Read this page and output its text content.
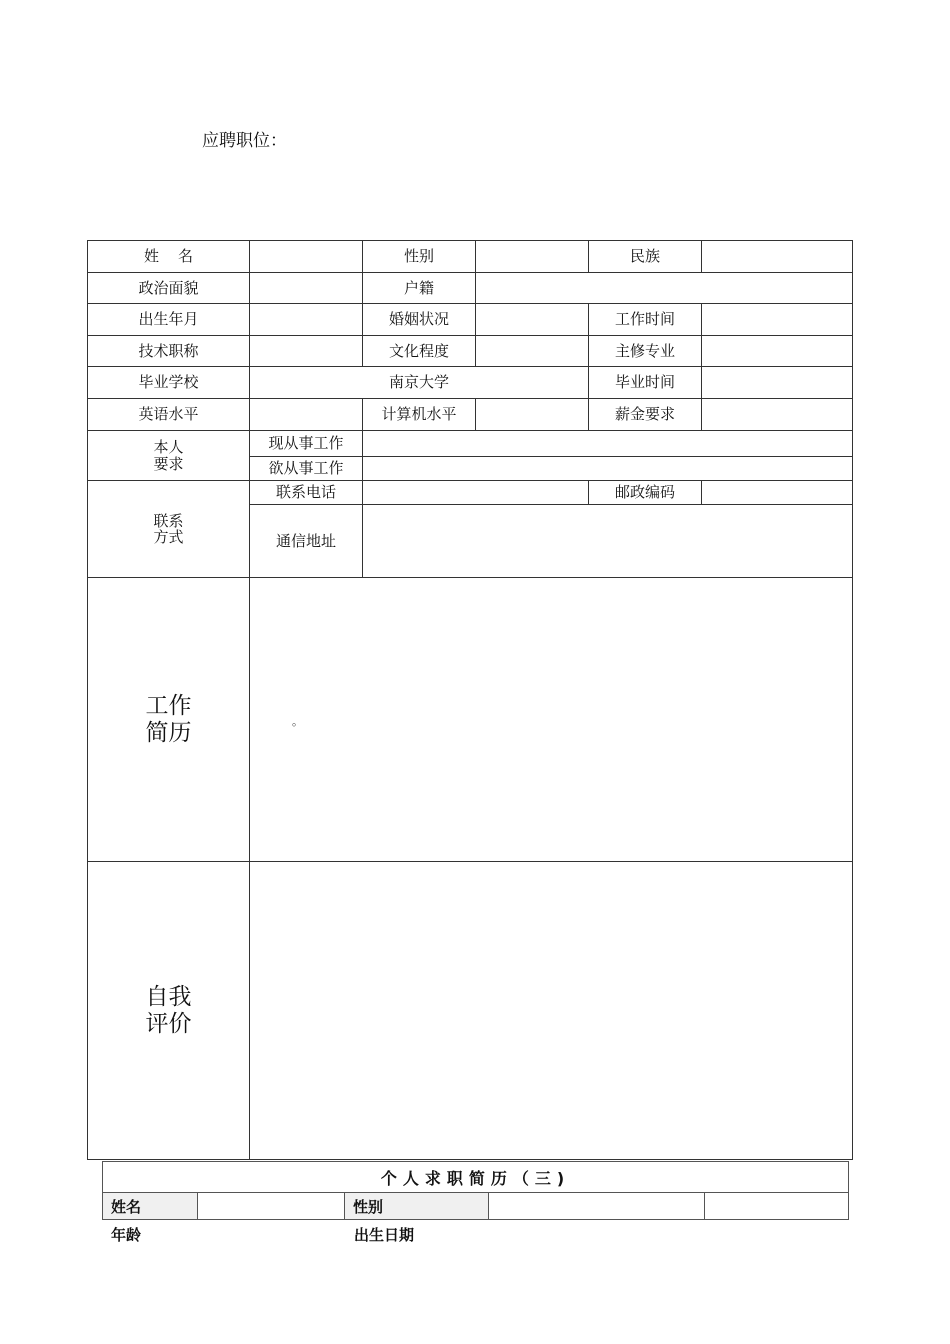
应聘职位：
姓    名		性别		民族	
政治面貌		户籍			
出生年月		婚姻状况		工作时间	
技术职称		文化程度		主修专业	
毕业学校	南京大学			毕业时间	
英语水平		计算机水平		薪金要求	
本人
要求	现从事工作				
	欲从事工作				
联系
方式	联系电话			邮政编码	
	通信地址				
工作
简历	。				

自我
评价					
个人求职简历（三)
姓名		性别		
年龄	出生日期
